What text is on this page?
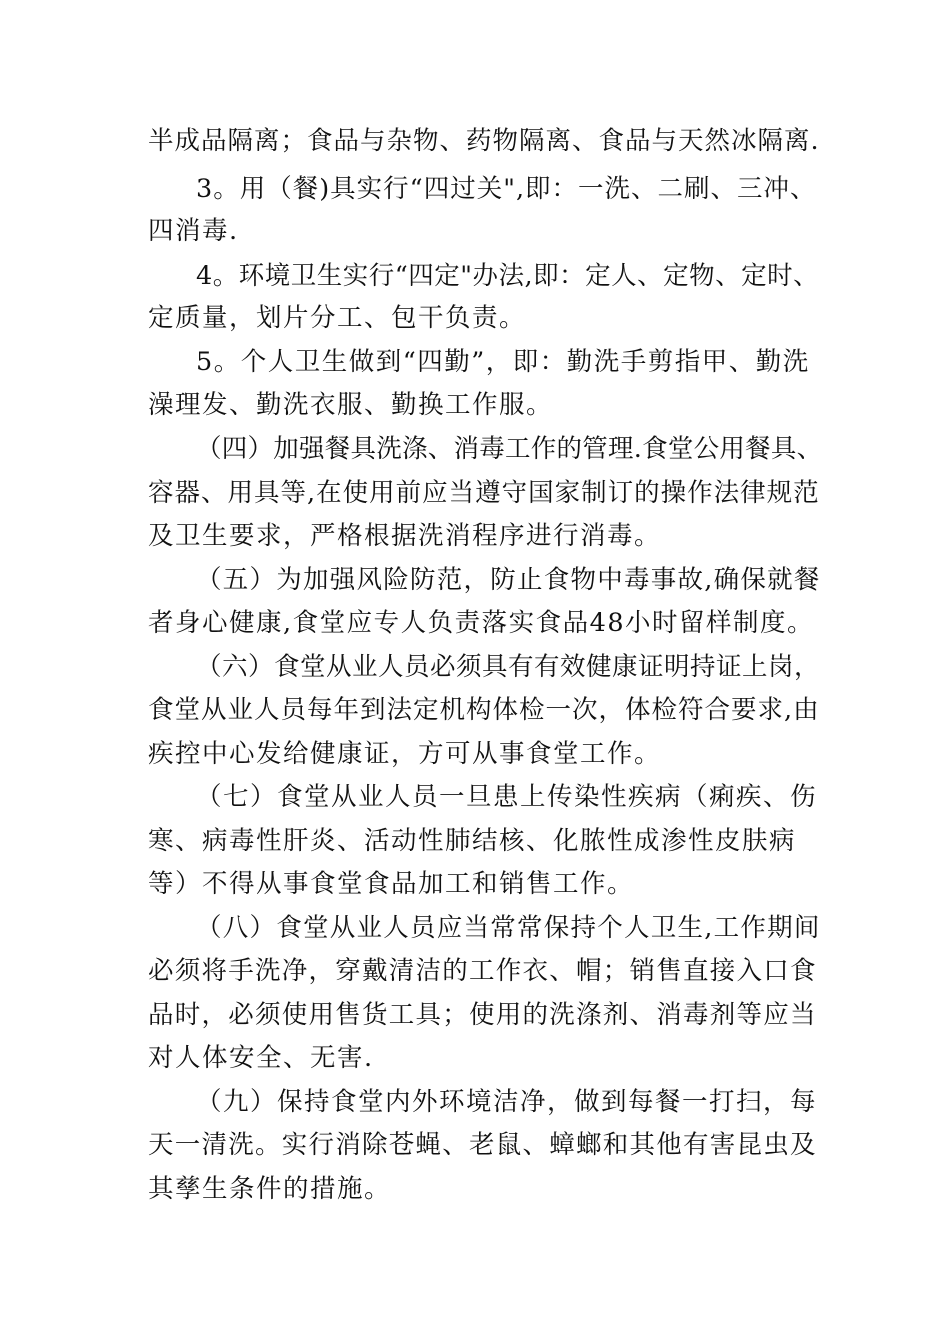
半成品隔离；食品与杂物、药物隔离、食品与天然冰隔离.
3。用（餐)具实行“四过关",即：一洗、二刷、三冲、
四消毒.
4。环境卫生实行“四定"办法,即：定人、定物、定时、
定质量，划片分工、包干负责。
5。个人卫生做到“四勤”，即：勤洗手剪指甲、勤洗
澡理发、勤洗衣服、勤换工作服。
（四）加强餐具洗涤、消毒工作的管理.食堂公用餐具、
容器、用具等,在使用前应当遵守国家制订的操作法律规范
及卫生要求，严格根据洗消程序进行消毒。
（五）为加强风险防范，防止食物中毒事故,确保就餐
者身心健康,食堂应专人负责落实食品48小时留样制度。
（六）食堂从业人员必须具有有效健康证明持证上岗，
食堂从业人员每年到法定机构体检一次，体检符合要求,由
疾控中心发给健康证，方可从事食堂工作。
（七）食堂从业人员一旦患上传染性疾病（痢疾、伤
寒、病毒性肝炎、活动性肺结核、化脓性成渗性皮肤病
等）不得从事食堂食品加工和销售工作。
（八）食堂从业人员应当常常保持个人卫生,工作期间
必须将手洗净，穿戴清洁的工作衣、帽；销售直接入口食
品时，必须使用售货工具；使用的洗涤剂、消毒剂等应当
对人体安全、无害.
（九）保持食堂内外环境洁净，做到每餐一打扫，每
天一清洗。实行消除苍蝇、老鼠、蟑螂和其他有害昆虫及
其孳生条件的措施。
